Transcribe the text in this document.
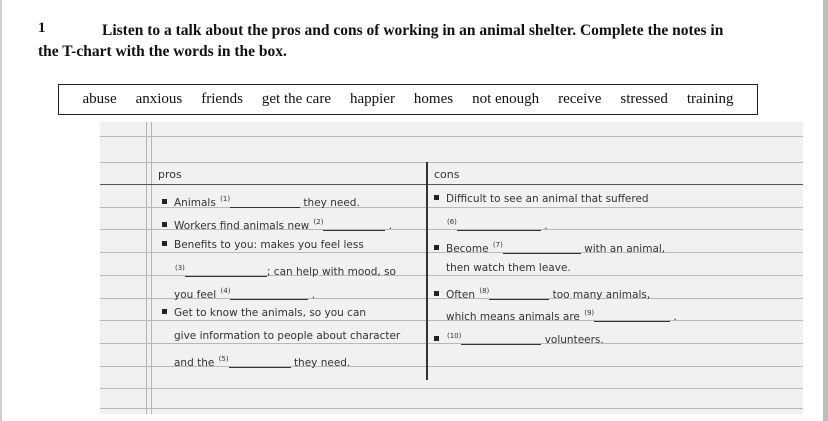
1	Listen to a talk about the pros and cons of working in an animal shelter. Complete the notes in the T-chart with the words in the box.
abuse anxious friends get the care happier homes not enough receive stressed training
pros	cons
Animals $^{(1)}$	they need.
Workers find animals new $^{(2)}$	.
Benefits to you: makes you feel less
$^{(3)}$	; can help with mood, so
you feel $^{(4)}$	.
Get to know the animals, so you can
give information to people about character
and the $^{(5)}$	they need.
Difficult to see an animal that suffered
$^{(6)}$	.
Become $^{(7)}$	with an animal,
then watch them leave.
Often $^{(8)}$	too many animals,
which means animals are $^{(9)}$	.
$^{(10)}$	volunteers.
